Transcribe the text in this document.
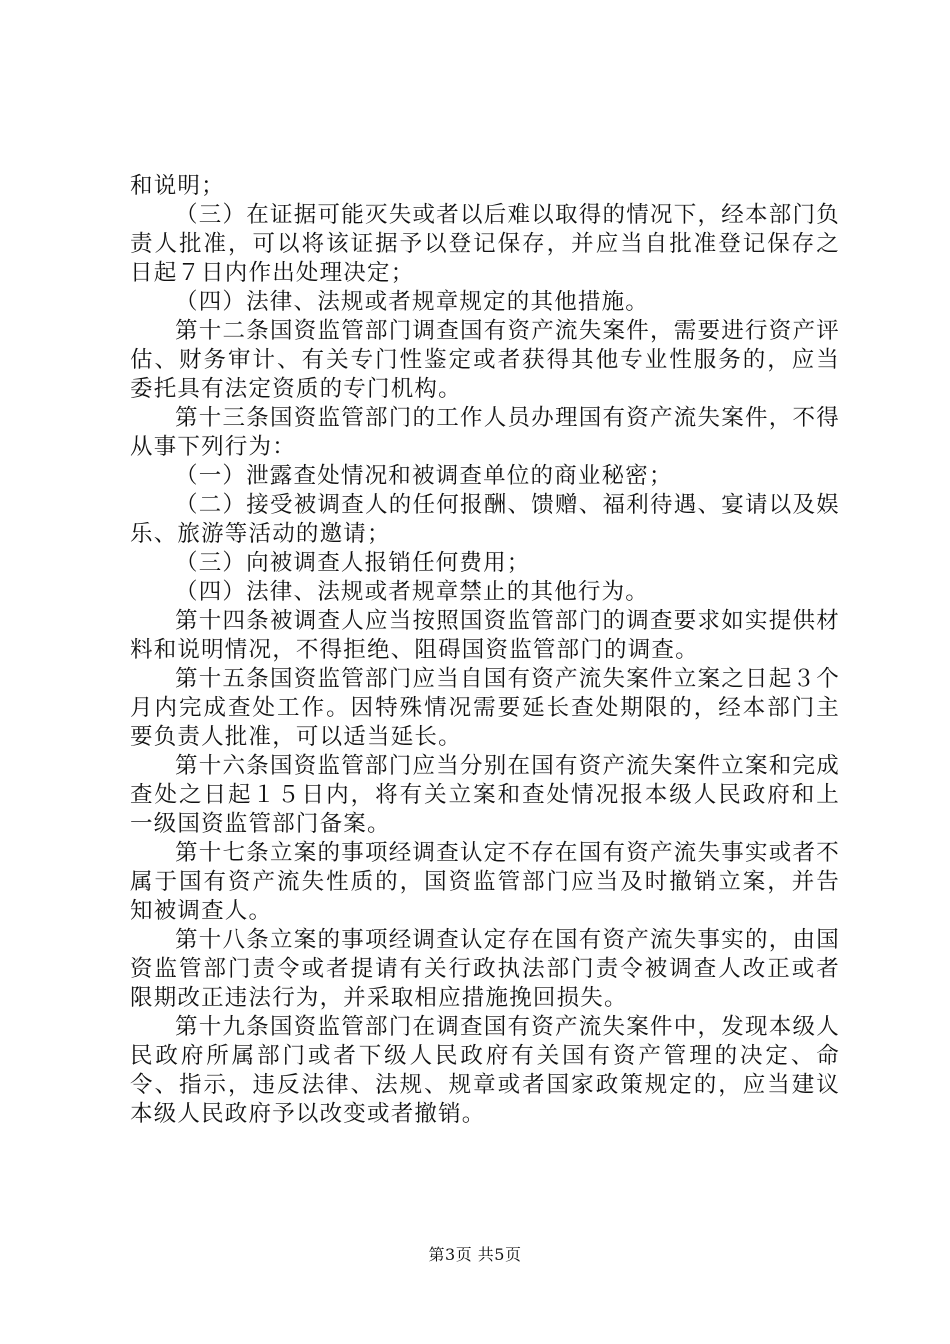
和说明；

（三）在证据可能灭失或者以后难以取得的情况下，经本部门负责人批准，可以将该证据予以登记保存，并应当自批准登记保存之日起７日内作出处理决定；

（四）法律、法规或者规章规定的其他措施。

第十二条国资监管部门调查国有资产流失案件，需要进行资产评估、财务审计、有关专门性鉴定或者获得其他专业性服务的，应当委托具有法定资质的专门机构。

第十三条国资监管部门的工作人员办理国有资产流失案件，不得从事下列行为：

（一）泄露查处情况和被调查单位的商业秘密；

（二）接受被调查人的任何报酬、馈赠、福利待遇、宴请以及娱乐、旅游等活动的邀请；

（三）向被调查人报销任何费用；

（四）法律、法规或者规章禁止的其他行为。

第十四条被调查人应当按照国资监管部门的调查要求如实提供材料和说明情况，不得拒绝、阻碍国资监管部门的调查。

第十五条国资监管部门应当自国有资产流失案件立案之日起３个月内完成查处工作。因特殊情况需要延长查处期限的，经本部门主要负责人批准，可以适当延长。

第十六条国资监管部门应当分别在国有资产流失案件立案和完成查处之日起１５日内，将有关立案和查处情况报本级人民政府和上一级国资监管部门备案。

第十七条立案的事项经调查认定不存在国有资产流失事实或者不属于国有资产流失性质的，国资监管部门应当及时撤销立案，并告知被调查人。

第十八条立案的事项经调查认定存在国有资产流失事实的，由国资监管部门责令或者提请有关行政执法部门责令被调查人改正或者限期改正违法行为，并采取相应措施挽回损失。

第十九条国资监管部门在调查国有资产流失案件中，发现本级人民政府所属部门或者下级人民政府有关国有资产管理的决定、命令、指示，违反法律、法规、规章或者国家政策规定的，应当建议本级人民政府予以改变或者撤销。

第3页 共5页
